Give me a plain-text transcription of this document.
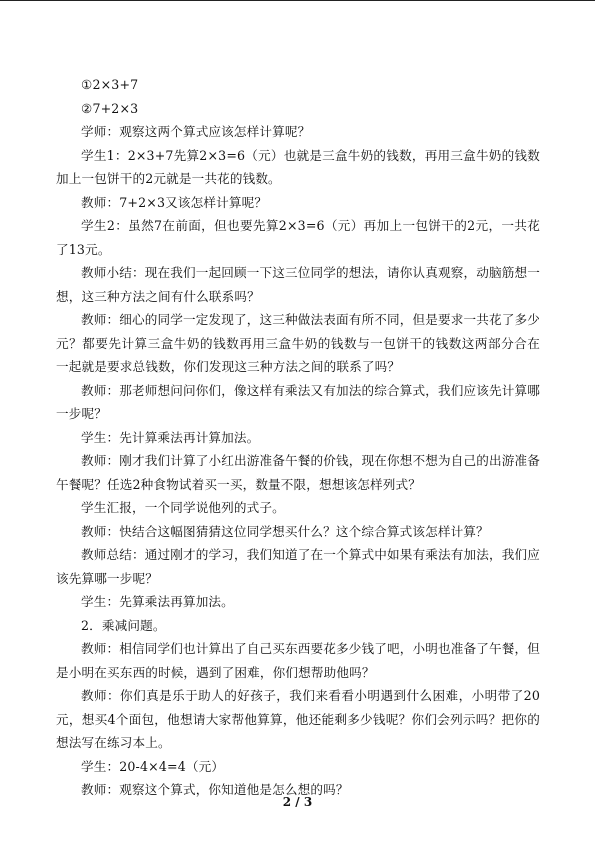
①2×3+7

②7+2×3

学师：观察这两个算式应该怎样计算呢？

学生1：2×3+7先算2×3=6（元）也就是三盒牛奶的钱数，再用三盒牛奶的钱数加上一包饼干的2元就是一共花的钱数。

教师：7+2×3又该怎样计算呢？

学生2：虽然7在前面，但也要先算2×3=6（元）再加上一包饼干的2元，一共花了13元。

教师小结：现在我们一起回顾一下这三位同学的想法，请你认真观察，动脑筋想一想，这三种方法之间有什么联系吗？

教师：细心的同学一定发现了，这三种做法表面有所不同，但是要求一共花了多少元？都要先计算三盒牛奶的钱数再用三盒牛奶的钱数与一包饼干的钱数这两部分合在一起就是要求总钱数，你们发现这三种方法之间的联系了吗？

教师：那老师想问问你们，像这样有乘法又有加法的综合算式，我们应该先计算哪一步呢？

学生：先计算乘法再计算加法。

教师：刚才我们计算了小红出游准备午餐的价钱，现在你想不想为自己的出游准备午餐呢？任选2种食物试着买一买，数量不限，想想该怎样列式？

学生汇报，一个同学说他列的式子。

教师：快结合这幅图猜猜这位同学想买什么？这个综合算式该怎样计算？

教师总结：通过刚才的学习，我们知道了在一个算式中如果有乘法有加法，我们应该先算哪一步呢？

学生：先算乘法再算加法。

2．乘减问题。

教师：相信同学们也计算出了自己买东西要花多少钱了吧，小明也准备了午餐，但是小明在买东西的时候，遇到了困难，你们想帮助他吗？

教师：你们真是乐于助人的好孩子，我们来看看小明遇到什么困难，小明带了20元，想买4个面包，他想请大家帮他算算，他还能剩多少钱呢？你们会列示吗？把你的想法写在练习本上。

学生：20-4×4=4（元）

教师：观察这个算式，你知道他是怎么想的吗？

2 / 3
